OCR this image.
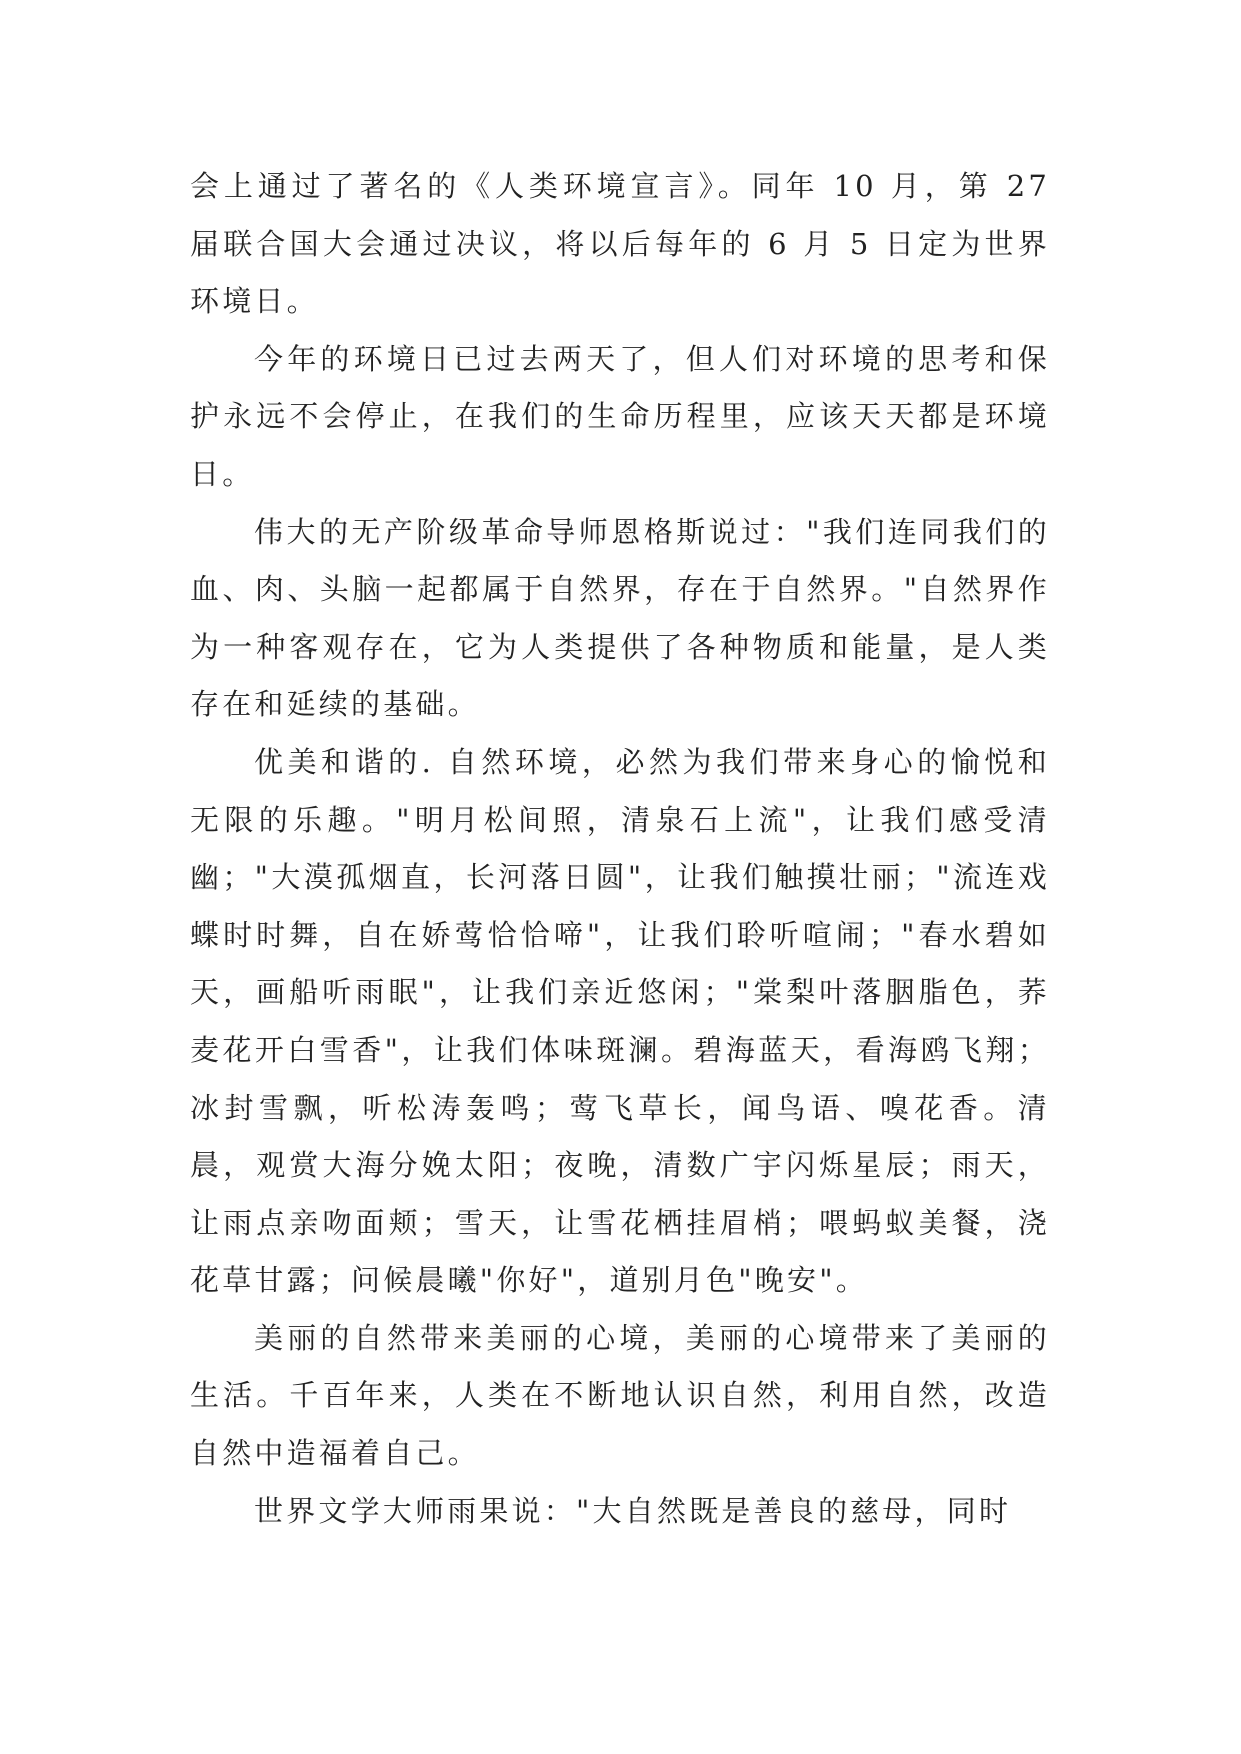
会上通过了著名的《人类环境宣言》。同年 10 月，第 27 届联合国大会通过决议，将以后每年的 6 月 5 日定为世界环境日。

今年的环境日已过去两天了，但人们对环境的思考和保护永远不会停止，在我们的生命历程里，应该天天都是环境日。

伟大的无产阶级革命导师恩格斯说过："我们连同我们的血、肉、头脑一起都属于自然界，存在于自然界。"自然界作为一种客观存在，它为人类提供了各种物质和能量，是人类存在和延续的基础。

优美和谐的. 自然环境，必然为我们带来身心的愉悦和无限的乐趣。"明月松间照，清泉石上流"，让我们感受清幽；"大漠孤烟直，长河落日圆"，让我们触摸壮丽；"流连戏蝶时时舞，自在娇莺恰恰啼"，让我们聆听喧闹；"春水碧如天，画船听雨眠"，让我们亲近悠闲；"棠梨叶落胭脂色，荞麦花开白雪香"，让我们体味斑澜。碧海蓝天，看海鸥飞翔；冰封雪飘，听松涛轰鸣；莺飞草长，闻鸟语、嗅花香。清晨，观赏大海分娩太阳；夜晚，清数广宇闪烁星辰；雨天，让雨点亲吻面颊；雪天，让雪花栖挂眉梢；喂蚂蚁美餐，浇花草甘露；问候晨曦"你好"，道别月色"晚安"。

美丽的自然带来美丽的心境，美丽的心境带来了美丽的生活。千百年来，人类在不断地认识自然，利用自然，改造自然中造福着自己。

世界文学大师雨果说："大自然既是善良的慈母，同时
